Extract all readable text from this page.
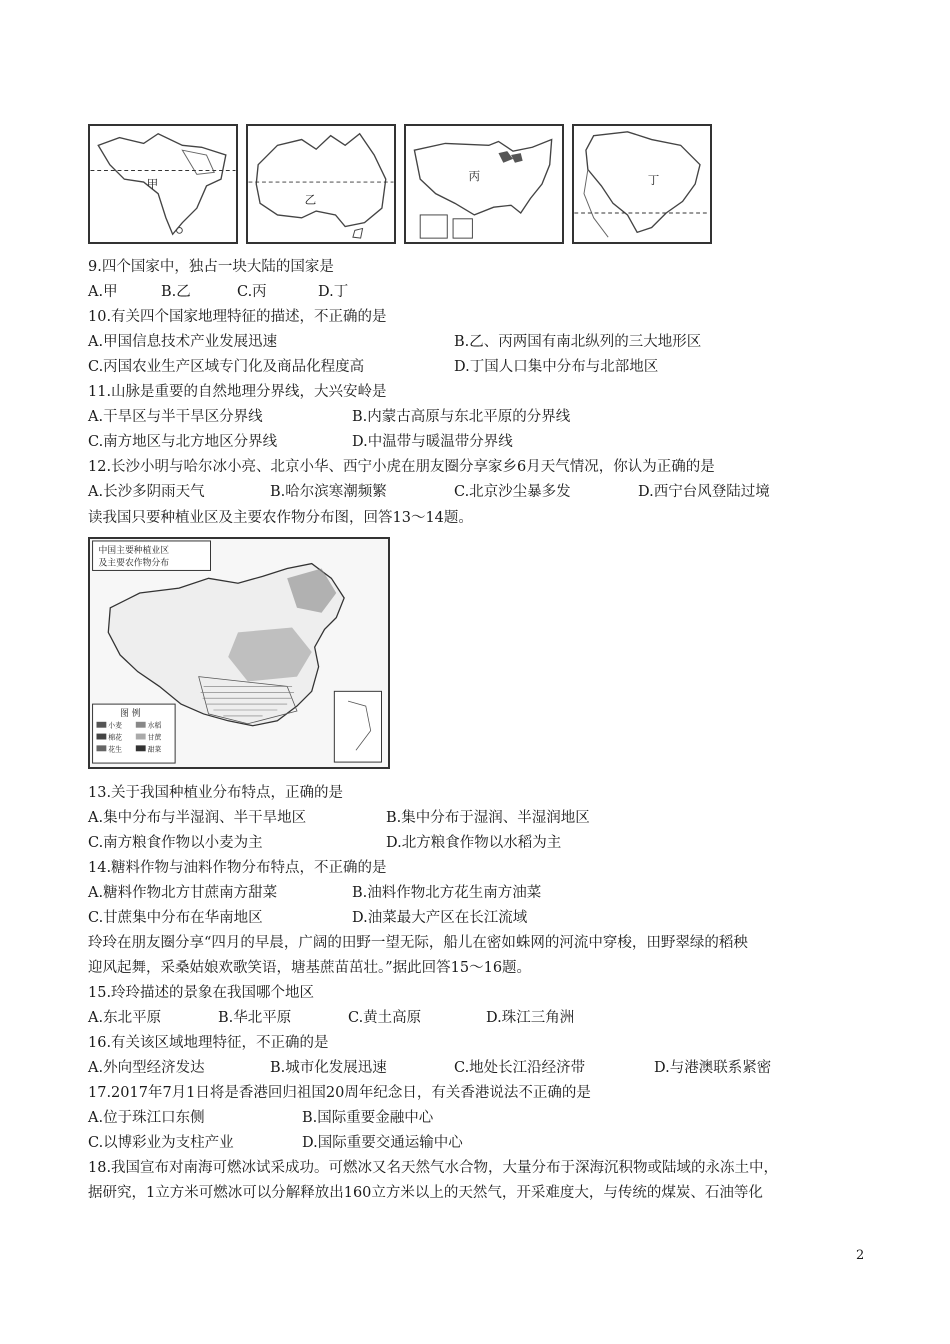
甲
乙
丙	丁
9.四个国家中，独占一块大陆的国家是
A.甲	B.乙	C.丙	D.丁
10.有关四个国家地理特征的描述，不正确的是
A.甲国信息技术产业发展迅速	B.乙、丙两国有南北纵列的三大地形区
C.丙国农业生产区域专门化及商品化程度高	D.丁国人口集中分布与北部地区
11.山脉是重要的自然地理分界线，大兴安岭是
A.干旱区与半干旱区分界线	B.内蒙古高原与东北平原的分界线
C.南方地区与北方地区分界线	D.中温带与暖温带分界线
12.长沙小明与哈尔冰小亮、北京小华、西宁小虎在朋友圈分享家乡6月天气情况，你认为正确的是
A.长沙多阴雨天气	B.哈尔滨寒潮频繁	C.北京沙尘暴多发	D.西宁台风登陆过境
读我国只要种植业区及主要农作物分布图，回答13～14题。
中国主要种植业区
及主要农作物分布
图 例
小麦	水稻
棉花	甘蔗
花生	甜菜
13.关于我国种植业分布特点，正确的是
A.集中分布与半湿润、半干旱地区	B.集中分布于湿润、半湿润地区
C.南方粮食作物以小麦为主	D.北方粮食作物以水稻为主
14.糖料作物与油料作物分布特点，不正确的是
A.糖料作物北方甘蔗南方甜菜	B.油料作物北方花生南方油菜
C.甘蔗集中分布在华南地区	D.油菜最大产区在长江流域
玲玲在朋友圈分享“四月的早晨，广阔的田野一望无际，船儿在密如蛛网的河流中穿梭，田野翠绿的稻秧
迎风起舞，采桑姑娘欢歌笑语，塘基蔗苗茁壮。”据此回答15～16题。
15.玲玲描述的景象在我国哪个地区
A.东北平原	B.华北平原	C.黄土高原	D.珠江三角洲
16.有关该区域地理特征，不正确的是
A.外向型经济发达	B.城市化发展迅速	C.地处长江沿经济带	D.与港澳联系紧密
17.2017年7月1日将是香港回归祖国20周年纪念日，有关香港说法不正确的是
A.位于珠江口东侧	B.国际重要金融中心
C.以博彩业为支柱产业	D.国际重要交通运输中心
18.我国宣布对南海可燃冰试采成功。可燃冰又名天然气水合物，大量分布于深海沉积物或陆域的永冻土中，
据研究，1立方米可燃冰可以分解释放出160立方米以上的天然气，开采难度大，与传统的煤炭、石油等化
2
